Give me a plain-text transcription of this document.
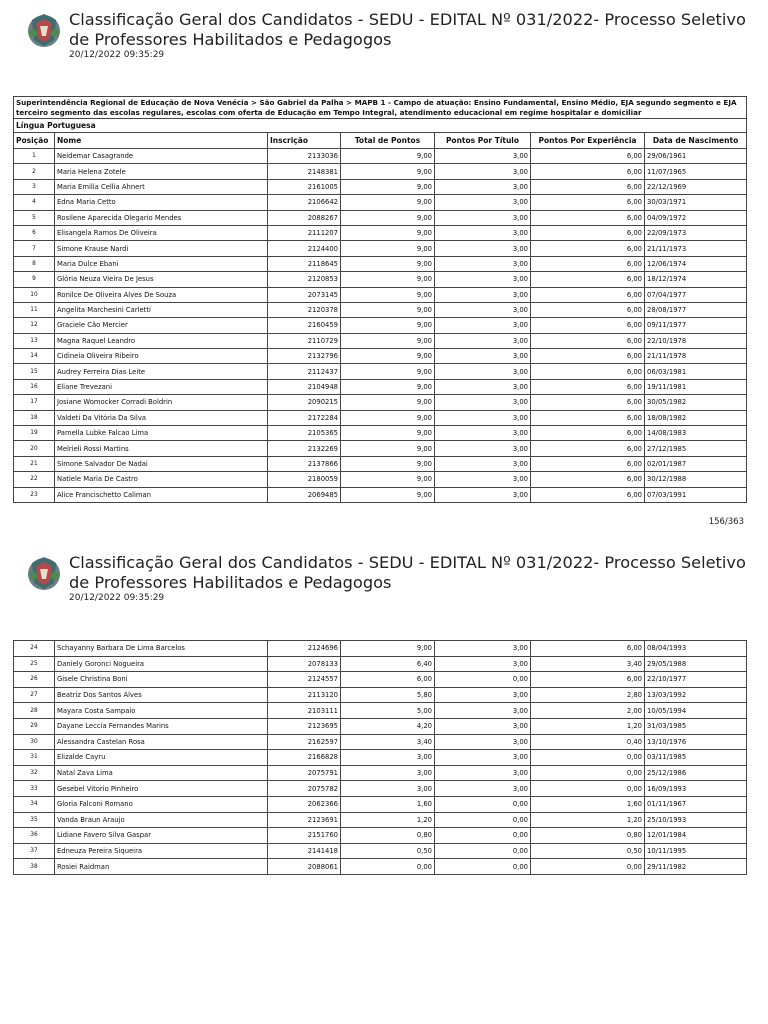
Classificação Geral dos Candidatos - SEDU - EDITAL Nº 031/2022- Processo Seletivo de Professores Habilitados e Pedagogos
20/12/2022 09:35:29
Superintendência Regional de Educação de Nova Venécia > São Gabriel da Palha > MAPB 1 - Campo de atuação: Ensino Fundamental, Ensino Médio, EJA segundo segmento e EJA terceiro segmento das escolas regulares, escolas com oferta de Educação em Tempo Integral, atendimento educacional em regime hospitalar e domiciliar						
Língua Portuguesa						
Posição	Nome	Inscrição	Total de Pontos	Pontos Por Título	Pontos Por Experiência	Data de Nascimento
1	Neidemar Casagrande	2133036	9,00	3,00	6,00	29/06/1961
2	Maria Helena Zotele	2148381	9,00	3,00	6,00	11/07/1965
3	Maria Emilia Cellia Ahnert	2161005	9,00	3,00	6,00	22/12/1969
4	Edna Maria Cetto	2106642	9,00	3,00	6,00	30/03/1971
5	Rosilene Aparecida Olegario Mendes	2088267	9,00	3,00	6,00	04/09/1972
6	Elisangela Ramos De Oliveira	2111207	9,00	3,00	6,00	22/09/1973
7	Simone Krause Nardi	2124400	9,00	3,00	6,00	21/11/1973
8	Maria Dulce Ebani	2118645	9,00	3,00	6,00	12/06/1974
9	Glória Neuza Vieira De Jesus	2120853	9,00	3,00	6,00	18/12/1974
10	Ronilce De Oliveira Alves De Souza	2073145	9,00	3,00	6,00	07/04/1977
11	Angelita Marchesini Carletti	2120378	9,00	3,00	6,00	28/08/1977
12	Graciele Cão Mercier	2160459	9,00	3,00	6,00	09/11/1977
13	Magna Raquel Leandro	2110729	9,00	3,00	6,00	22/10/1978
14	Cidineia Oliveira Ribeiro	2132796	9,00	3,00	6,00	21/11/1978
15	Audrey Ferreira Dias Leite	2112437	9,00	3,00	6,00	06/03/1981
16	Eliane Trevezani	2104948	9,00	3,00	6,00	19/11/1981
17	Josiane Womocker Corradi Boldrin	2090215	9,00	3,00	6,00	30/05/1982
18	Valdeti Da Vitória Da Silva	2172284	9,00	3,00	6,00	18/08/1982
19	Pamella Lubke Falcao Lima	2105365	9,00	3,00	6,00	14/08/1983
20	Melrieli Rossi Martins	2132269	9,00	3,00	6,00	27/12/1985
21	Simone Salvador De Nadai	2137866	9,00	3,00	6,00	02/01/1987
22	Natiele Maria De Castro	2180059	9,00	3,00	6,00	30/12/1988
23	Alice Francischetto Caliman	2069485	9,00	3,00	6,00	07/03/1991
156/363
Classificação Geral dos Candidatos - SEDU - EDITAL Nº 031/2022- Processo Seletivo de Professores Habilitados e Pedagogos
20/12/2022 09:35:29
24	Schayanny Barbara De Lima Barcelos	2124696	9,00	3,00	6,00	08/04/1993
25	Daniely Goronci Nogueira	2078133	6,40	3,00	3,40	29/05/1988
26	Gisele Christina Boni	2124557	6,00	0,00	6,00	22/10/1977
27	Beatriz Dos Santos Alves	2113120	5,80	3,00	2,80	13/03/1992
28	Mayara Costa Sampaio	2103111	5,00	3,00	2,00	10/05/1994
29	Dayane Leccia Fernandes Marins	2123695	4,20	3,00	1,20	31/03/1985
30	Alessandra Castelan Rosa	2162597	3,40	3,00	0,40	13/10/1976
31	Elizalde Cayru	2166828	3,00	3,00	0,00	03/11/1985
32	Natal Zava Lima	2075791	3,00	3,00	0,00	25/12/1986
33	Gesebel Vitorio Pinheiro	2075782	3,00	3,00	0,00	16/09/1993
34	Gloria Falconi Romano	2062366	1,60	0,00	1,60	01/11/1967
35	Vanda Braun Araujo	2123691	1,20	0,00	1,20	25/10/1993
36	Lidiane Favero Silva Gaspar	2151760	0,80	0,00	0,80	12/01/1984
37	Edneuza Pereira Siqueira	2141418	0,50	0,00	0,50	10/11/1995
38	Rosiei Raidman	2088061	0,00	0,00	0,00	29/11/1982
